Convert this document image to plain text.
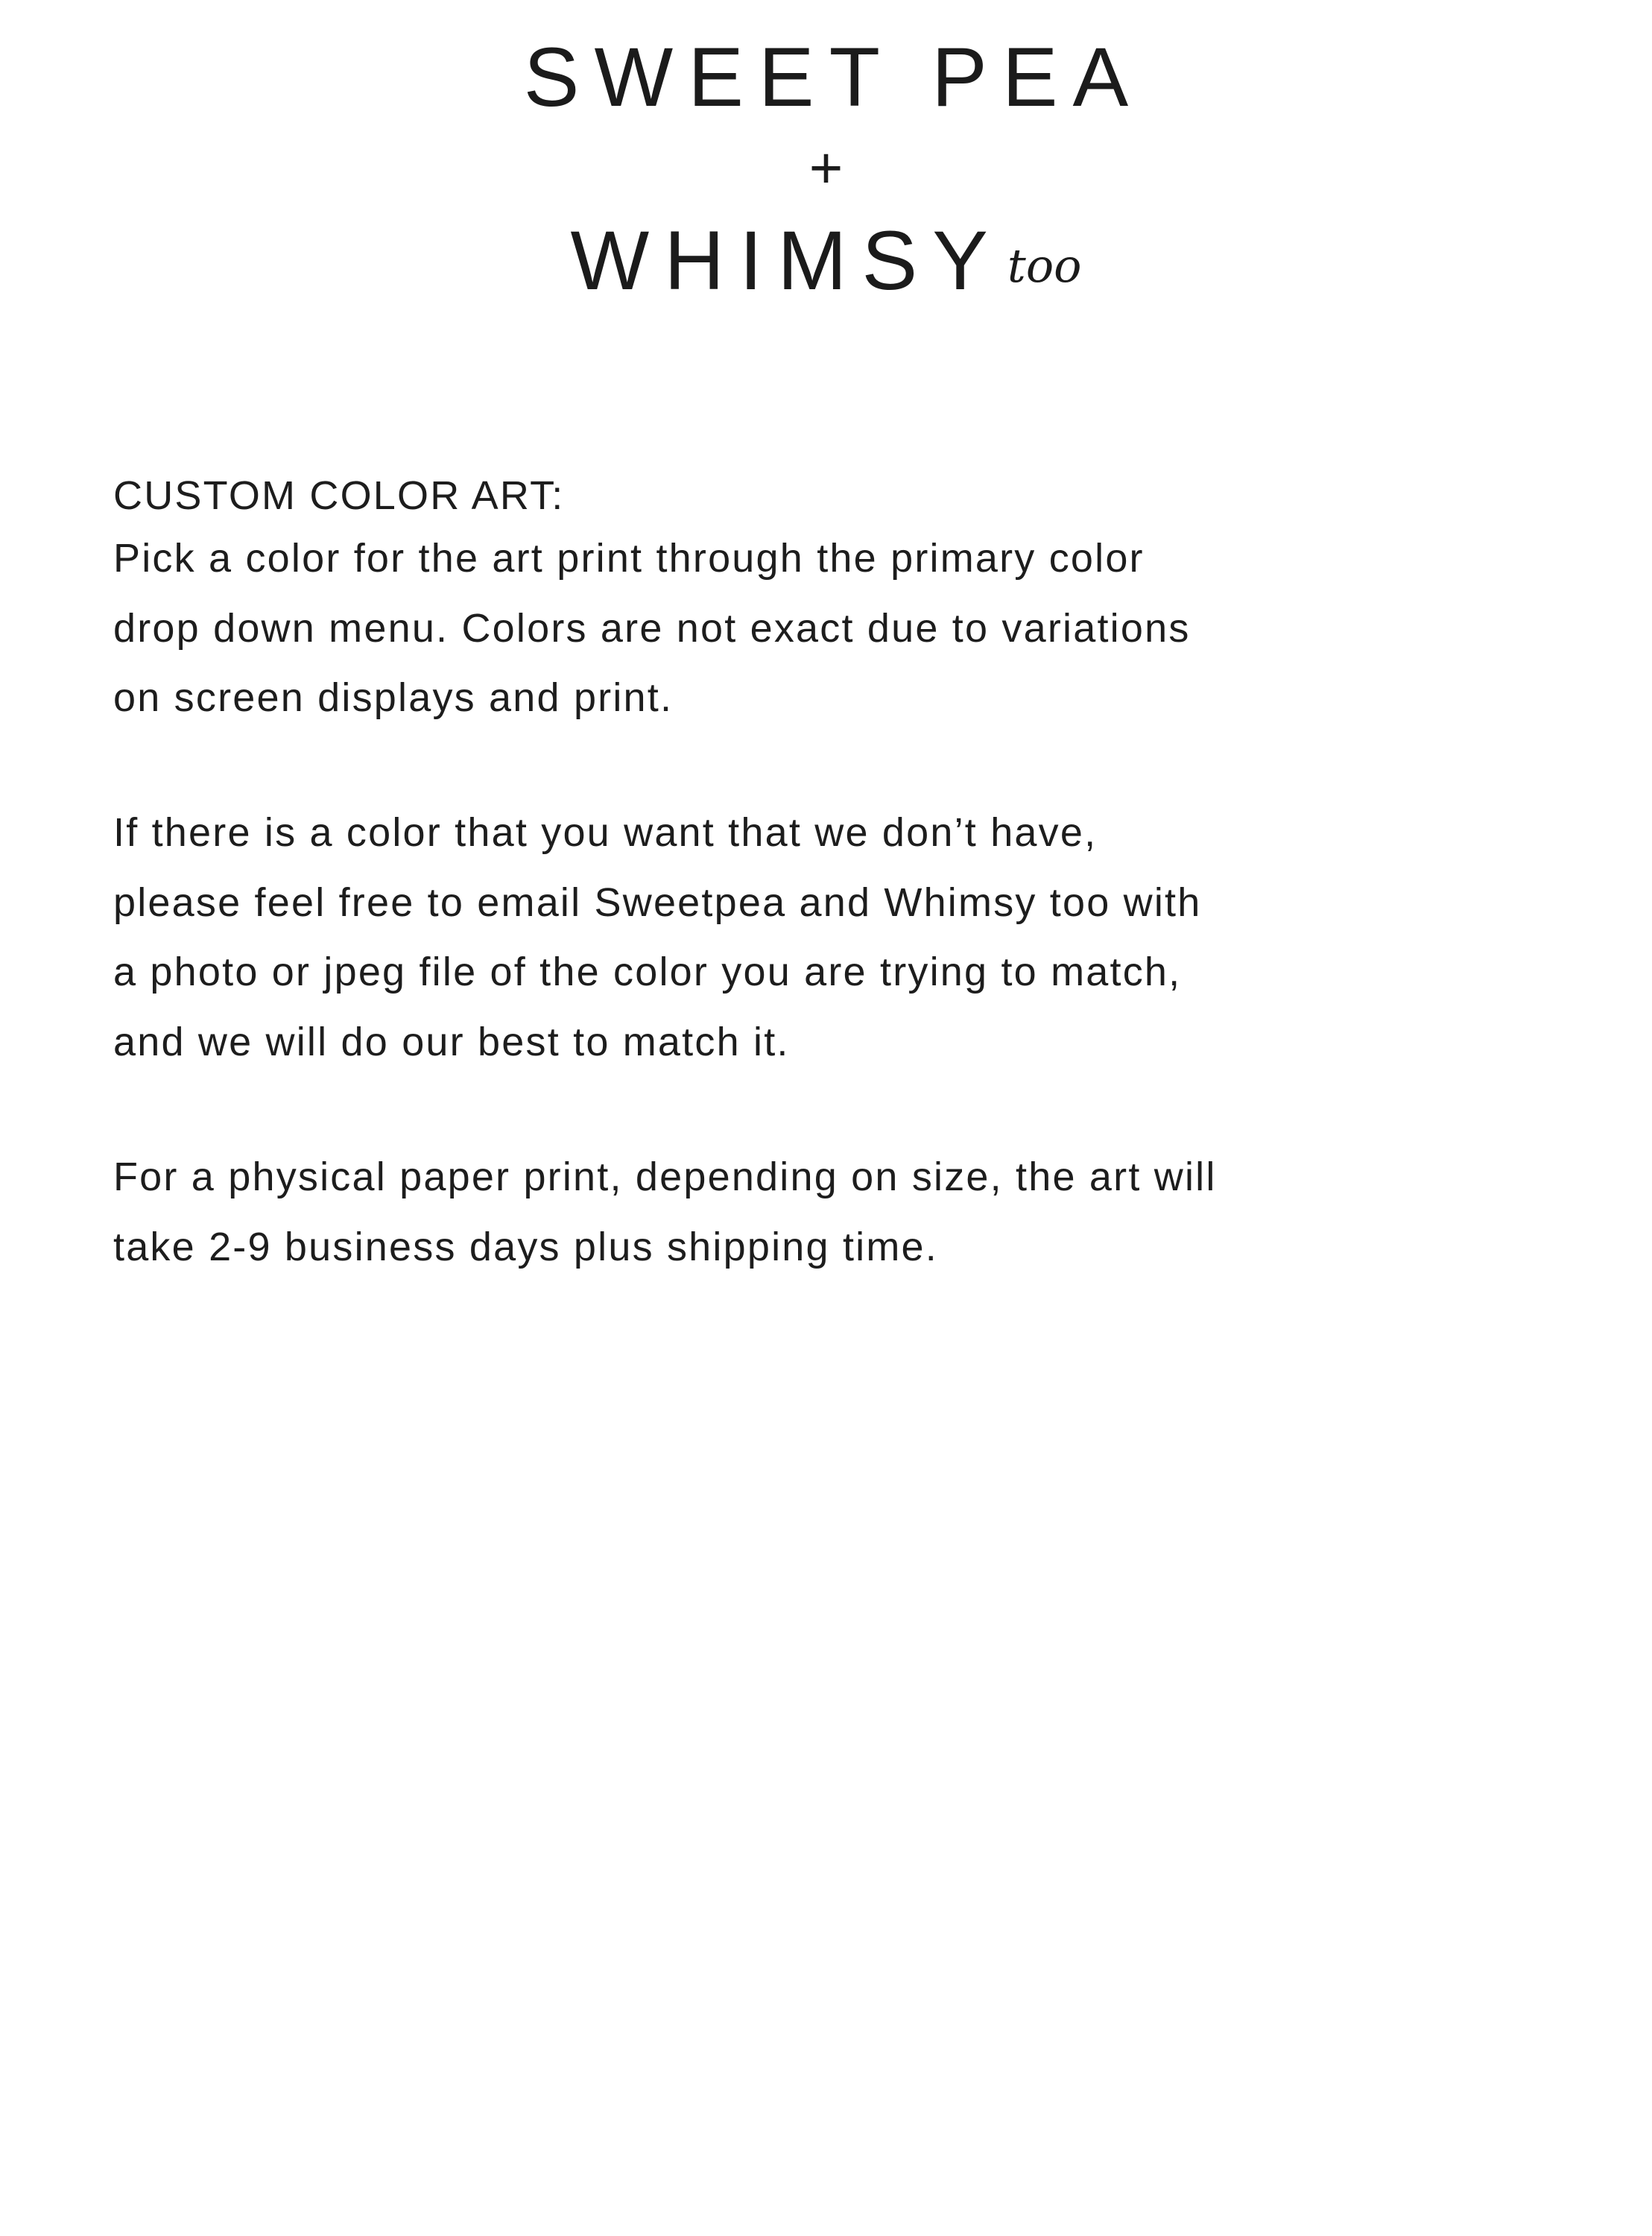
SWEET PEA
+
WHIMSYtoo
CUSTOM COLOR ART:

Pick a color for the art print through the primary color
drop down menu. Colors are not exact due to variations
on screen displays and print.

If there is a color that you want that we don’t have,
please feel free to email Sweetpea and Whimsy too with
a photo or jpeg file of the color you are trying to match,
and we will do our best to match it.

For a physical paper print, depending on size, the art will
take 2-9 business days plus shipping time.
